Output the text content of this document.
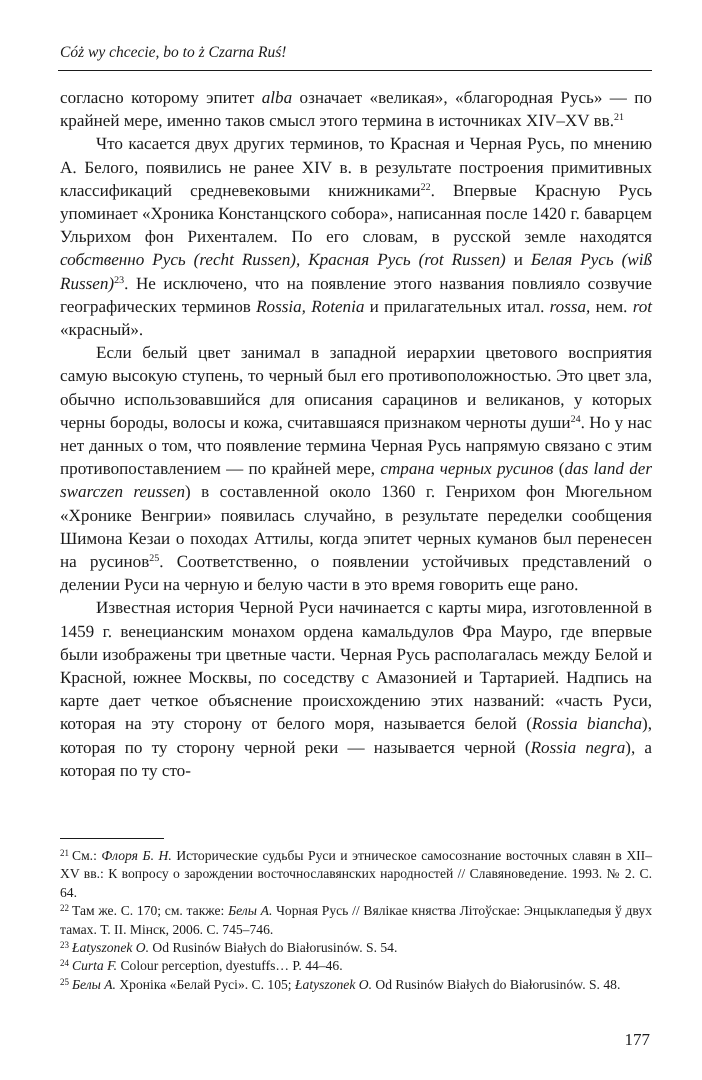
Cóż wy chcecie, bo to ż Czarna Ruś!

согласно которому эпитет alba означает «великая», «благородная Русь» — по крайней мере, именно таков смысл этого термина в источниках XIV–XV вв.$^{21}$

Что касается двух других терминов, то Красная и Черная Русь, по мнению А. Белого, появились не ранее XIV в. в результате построения примитивных классификаций средневековыми книжниками$^{22}$. Впервые Красную Русь упоминает «Хроника Констанцского собора», написанная после 1420 г. баварцем Ульрихом фон Рихенталем. По его словам, в русской земле находятся собственно Русь (recht Russen), Красная Русь (rot Russen) и Белая Русь (wiß Russen)$^{23}$. Не исключено, что на появление этого названия повлияло созвучие географических терминов Rossia, Rotenia и прилагательных итал. rossa, нем. rot «красный».

Если белый цвет занимал в западной иерархии цветового восприятия самую высокую ступень, то черный был его противоположностью. Это цвет зла, обычно использовавшийся для описания сарацинов и великанов, у которых черны бороды, волосы и кожа, считавшаяся признаком черноты души$^{24}$. Но у нас нет данных о том, что появление термина Черная Русь напрямую связано с этим противопоставлением — по крайней мере, страна черных русинов (das land der swarczen reussen) в составленной около 1360 г. Генрихом фон Мюгельном «Хронике Венгрии» появилась случайно, в результате переделки сообщения Шимона Кезаи о походах Аттилы, когда эпитет черных куманов был перенесен на русинов$^{25}$. Соответственно, о появлении устойчивых представлений о делении Руси на черную и белую части в это время говорить еще рано.

Известная история Черной Руси начинается с карты мира, изготовленной в 1459 г. венецианским монахом ордена камальдулов Фра Мауро, где впервые были изображены три цветные части. Черная Русь располагалась между Белой и Красной, южнее Москвы, по соседству с Амазонией и Тартарией. Надпись на карте дает четкое объяснение происхождению этих названий: «часть Руси, которая на эту сторону от белого моря, называется белой (Rossia biancha), которая по ту сторону черной реки — называется черной (Rossia negra), а которая по ту сто-

$^{21}$ См.: Флоря Б. Н. Исторические судьбы Руси и этническое самосознание восточных славян в XII–XV вв.: К вопросу о зарождении восточнославянских народностей // Славяноведение. 1993. № 2. С. 64.

$^{22}$ Там же. С. 170; см. также: Белы А. Чорная Русь // Вялікае княства Літоўскае: Энцыклапедыя ў двух тамах. Т. II. Мінск, 2006. С. 745–746.

$^{23}$ Łatyszonek O. Od Rusinów Białych do Białorusinów. S. 54.

$^{24}$ Curta F. Colour perception, dyestuffs… P. 44–46.

$^{25}$ Белы А. Хроніка «Белай Русі». С. 105; Łatyszonek O. Od Rusinów Białych do Białorusinów. S. 48.

177
